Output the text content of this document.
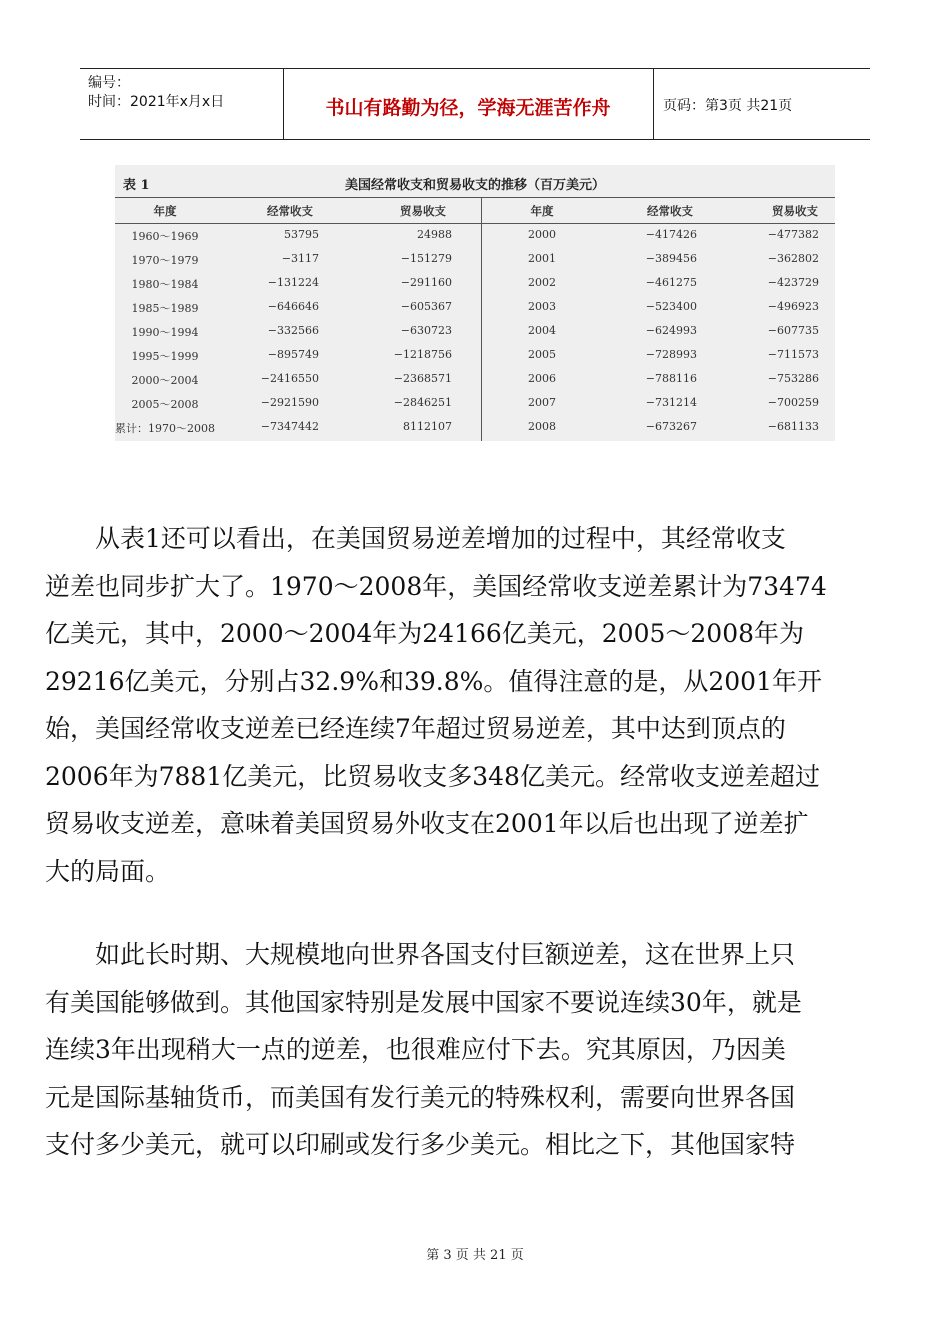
编号：
时间：2021年x月x日	书山有路勤为径，学海无涯苦作舟	页码：第3页 共21页
表 1	美国经常收支和贸易收支的推移（百万美元）
年度	经常收支	贸易收支	年度	经常收支	贸易收支
1960～1969	53795	24988	2000	−417426	−477382
1970～1979	−3117	−151279	2001	−389456	−362802
1980～1984	−131224	−291160	2002	−461275	−423729
1985～1989	−646646	−605367	2003	−523400	−496923
1990～1994	−332566	−630723	2004	−624993	−607735
1995～1999	−895749	−1218756	2005	−728993	−711573
2000～2004	−2416550	−2368571	2006	−788116	−753286
2005～2008	−2921590	−2846251	2007	−731214	−700259
累计：1970～2008	−7347442	8112107	2008	−673267	−681133
　　从表1还可以看出，在美国贸易逆差增加的过程中，其经常收支
逆差也同步扩大了。1970～2008年，美国经常收支逆差累计为73474
亿美元，其中，2000～2004年为24166亿美元，2005～2008年为
29216亿美元，分别占32.9%和39.8%。值得注意的是，从2001年开
始，美国经常收支逆差已经连续7年超过贸易逆差，其中达到顶点的
2006年为7881亿美元，比贸易收支多348亿美元。经常收支逆差超过
贸易收支逆差，意味着美国贸易外收支在2001年以后也出现了逆差扩
大的局面。
　　如此长时期、大规模地向世界各国支付巨额逆差，这在世界上只
有美国能够做到。其他国家特别是发展中国家不要说连续30年，就是
连续3年出现稍大一点的逆差，也很难应付下去。究其原因，乃因美
元是国际基轴货币，而美国有发行美元的特殊权利，需要向世界各国
支付多少美元，就可以印刷或发行多少美元。相比之下，其他国家特
第 3 页 共 21 页
